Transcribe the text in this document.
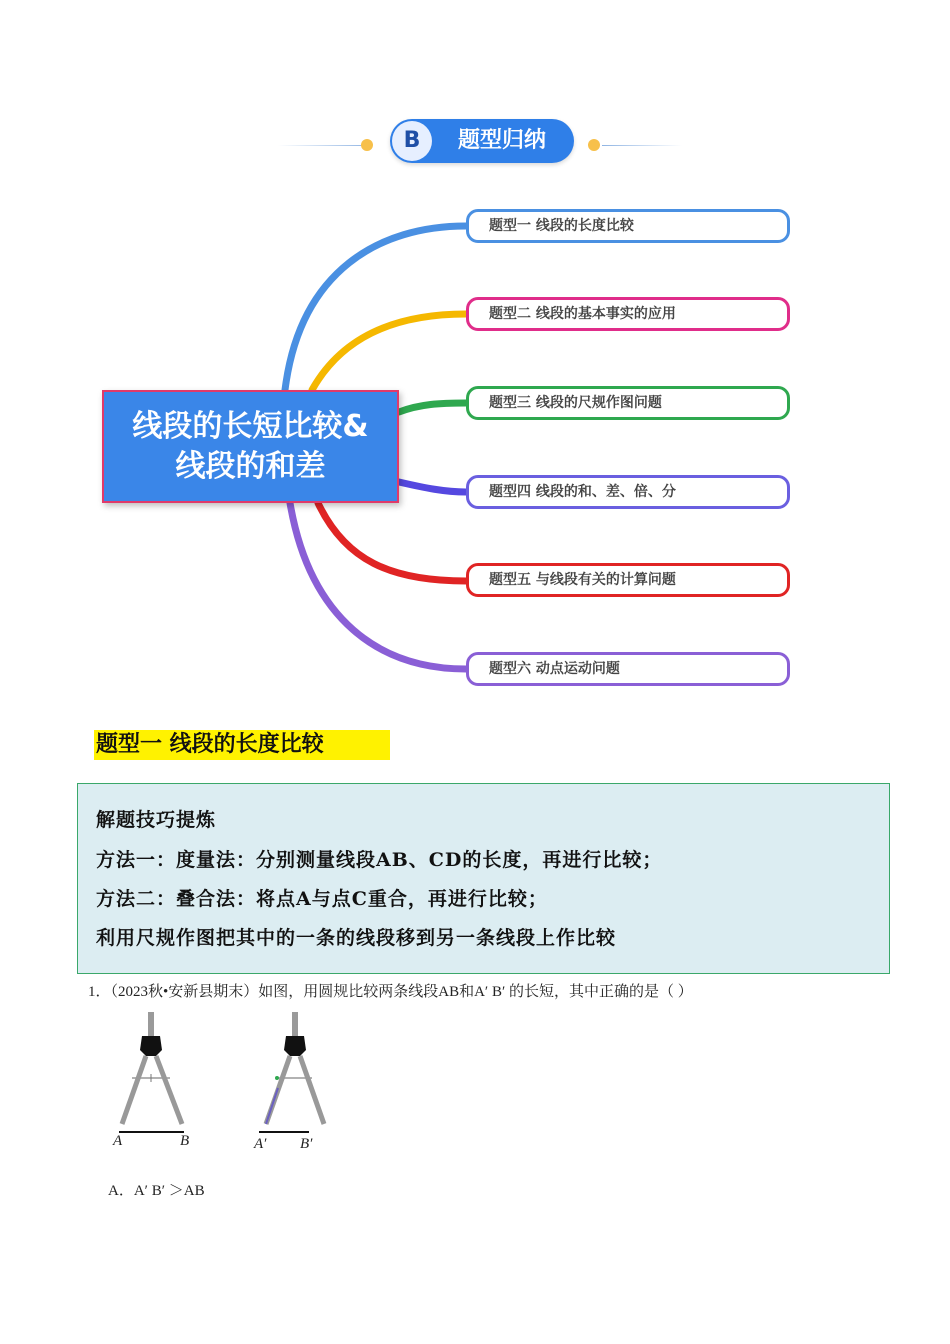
B	题型归纳
线段的长短比较&
线段的和差
题型一 线段的长度比较
题型二 线段的基本事实的应用
题型三 线段的尺规作图问题
题型四 线段的和、差、倍、分
题型五 与线段有关的计算问题
题型六 动点运动问题
题型一 线段的长度比较
解题技巧提炼
方法一：度量法：分别测量线段AB、CD的长度，再进行比较；
方法二：叠合法：将点A与点C重合，再进行比较；
利用尺规作图把其中的一条的线段移到另一条线段上作比较
1．（2023秋•安新县期末）如图，用圆规比较两条线段AB和A′ B′ 的长短，其中正确的是（ ）
A	B	A′ B′
A．A′ B′ ＞AB
